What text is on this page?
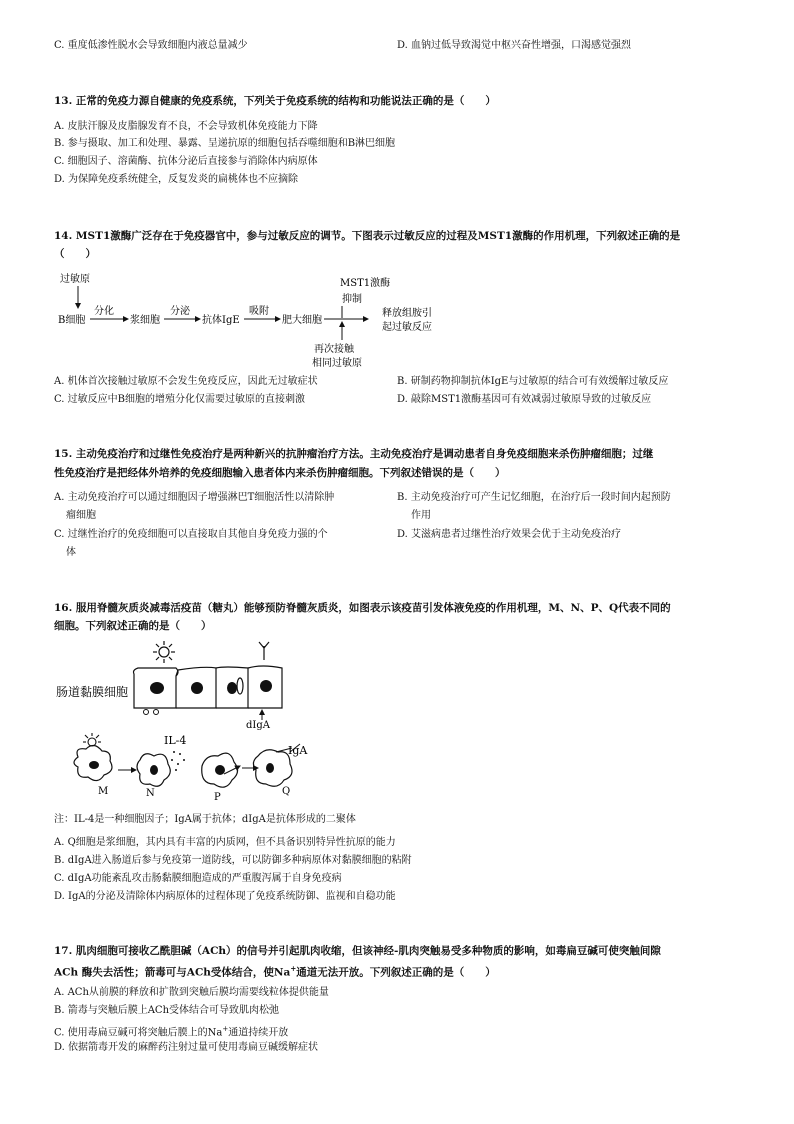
C. 重度低渗性脱水会导致细胞内液总量减少	D. 血钠过低导致渴觉中枢兴奋性增强，口渴感觉强烈
13. 正常的免疫力源自健康的免疫系统，下列关于免疫系统的结构和功能说法正确的是（　　）
A. 皮肤汗腺及皮脂腺发育不良，不会导致机体免疫能力下降
B. 参与摄取、加工和处理、暴露、呈递抗原的细胞包括吞噬细胞和B淋巴细胞
C. 细胞因子、溶菌酶、抗体分泌后直接参与消除体内病原体
D. 为保障免疫系统健全，反复发炎的扁桃体也不应摘除
14. MST1激酶广泛存在于免疫器官中，参与过敏反应的调节。下图表示过敏反应的过程及MST1激酶的作用机理，下列叙述正确的是
（　　）
过敏原
B细胞
分化
浆细胞
分泌
抗体IgE
吸附
肥大细胞
MST1激酶
抑制
释放组胺引
起过敏反应
再次接触
相同过敏原
A. 机体首次接触过敏原不会发生免疫反应，因此无过敏症状	B. 研制药物抑制抗体IgE与过敏原的结合可有效缓解过敏反应
C. 过敏反应中B细胞的增殖分化仅需要过敏原的直接刺激	D. 敲除MST1激酶基因可有效减弱过敏原导致的过敏反应
15. 主动免疫治疗和过继性免疫治疗是两种新兴的抗肿瘤治疗方法。主动免疫治疗是调动患者自身免疫细胞来杀伤肿瘤细胞；过继
性免疫治疗是把经体外培养的免疫细胞输入患者体内来杀伤肿瘤细胞。下列叙述错误的是（　　）
A. 主动免疫治疗可以通过细胞因子增强淋巴T细胞活性以清除肿
瘤细胞
B. 主动免疫治疗可产生记忆细胞，在治疗后一段时间内起预防
作用
C. 过继性治疗的免疫细胞可以直接取自其他自身免疫力强的个
体
D. 艾滋病患者过继性治疗效果会优于主动免疫治疗
16. 服用脊髓灰质炎减毒活疫苗（糖丸）能够预防脊髓灰质炎，如图表示该疫苗引发体液免疫的作用机理，M、N、P、Q代表不同的
细胞。下列叙述正确的是（　　）
肠道黏膜细胞
dIgA
IL-4
M	N	P
IgA
Q
注：IL-4是一种细胞因子；IgA属于抗体；dIgA是抗体形成的二聚体
A. Q细胞是浆细胞，其内具有丰富的内质网，但不具备识别特异性抗原的能力
B. dIgA进入肠道后参与免疫第一道防线，可以防御多种病原体对黏膜细胞的粘附
C. dIgA功能紊乱攻击肠黏膜细胞造成的严重腹泻属于自身免疫病
D. IgA的分泌及清除体内病原体的过程体现了免疫系统防御、监视和自稳功能
17. 肌肉细胞可接收乙酰胆碱（ACh）的信号并引起肌肉收缩，但该神经-肌肉突触易受多种物质的影响，如毒扁豆碱可使突触间隙
ACh 酶失去活性；箭毒可与ACh受体结合，使Na+通道无法开放。下列叙述正确的是（　　）
A. ACh从前膜的释放和扩散到突触后膜均需要线粒体提供能量
B. 箭毒与突触后膜上ACh受体结合可导致肌肉松弛
C. 使用毒扁豆碱可将突触后膜上的Na+通道持续开放
D. 依据箭毒开发的麻醉药注射过量可使用毒扁豆碱缓解症状
